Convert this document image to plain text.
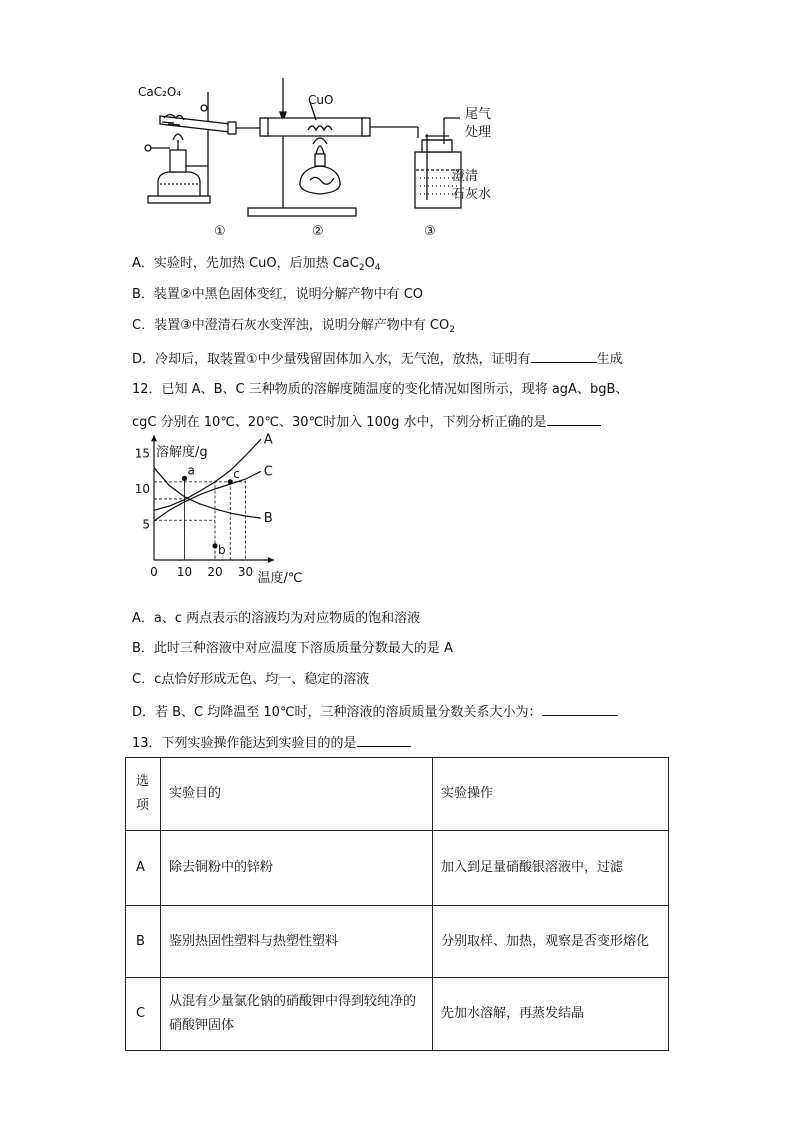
CaC₂O₄
CuO
尾气
处理
澄清
石灰水
①	②	③
A．实验时，先加热 CuO，后加热 $CaC_2O_4$
B．装置②中黑色固体变红，说明分解产物中有 CO
C．装置③中澄清石灰水变浑浊，说明分解产物中有 $CO_2$
D．冷却后，取装置①中少量残留固体加入水，无气泡，放热，证明有	生成
12．已知 A、B、C 三种物质的溶解度随温度的变化情况如图所示，现将 agA、bgB、
cgC 分别在 10℃、20℃、30℃时加入 100g 水中，下列分析正确的是
溶解度/g
温度/℃
0 10 20 30
5
10
15
A
B
C
a
b
c
A．a、c 两点表示的溶液均为对应物质的饱和溶液
B．此时三种溶液中对应温度下溶质质量分数最大的是 A
C．c点恰好形成无色、均一、稳定的溶液
D．若 B、C 均降温至 10℃时，三种溶液的溶质质量分数关系大小为：
13．下列实验操作能达到实验目的的是
选项	实验目的	实验操作
A	除去铜粉中的锌粉	加入到足量硝酸银溶液中，过滤
B	鉴别热固性塑料与热塑性塑料	分别取样、加热，观察是否变形熔化
C	从混有少量氯化钠的硝酸钾中得到较纯净的硝酸钾固体	先加水溶解，再蒸发结晶
